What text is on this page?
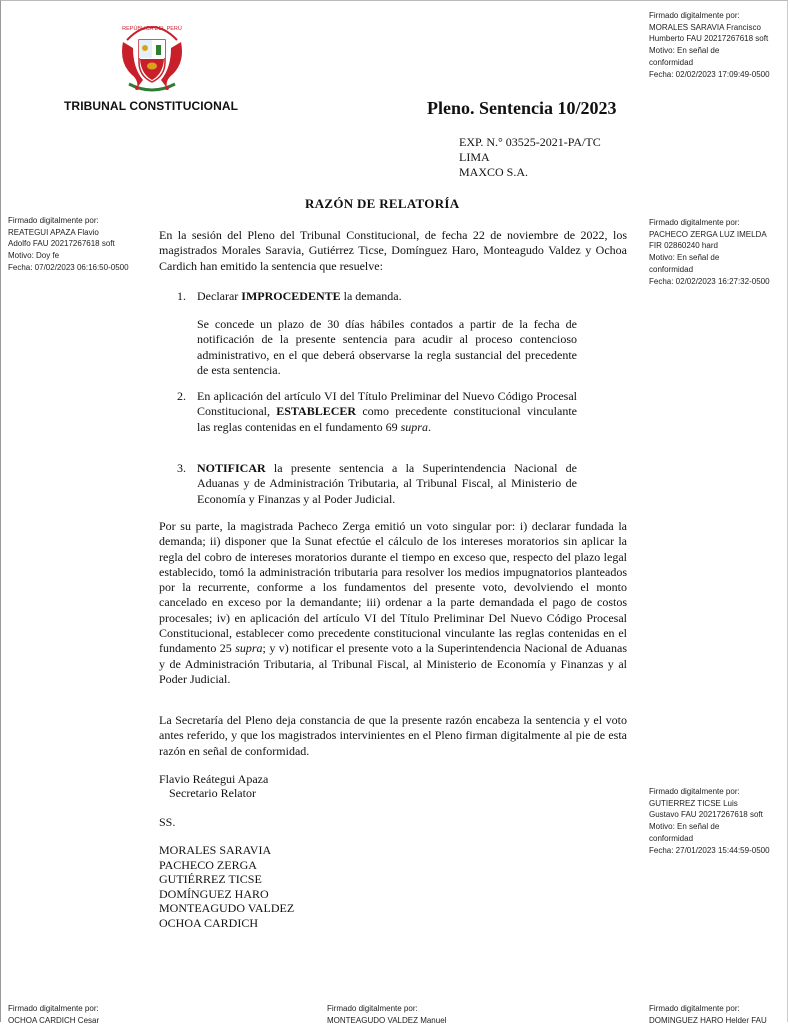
REPÚBLICA DEL PERÚ
TRIBUNAL CONSTITUCIONAL	Pleno. Sentencia 10/2023
EXP. N.° 03525-2021-PA/TC
LIMA
MAXCO S.A.
RAZÓN DE RELATORÍA
En la sesión del Pleno del Tribunal Constitucional, de fecha 22 de noviembre de 2022, los magistrados Morales Saravia, Gutiérrez Ticse, Domínguez Haro, Monteagudo Valdez y Ochoa Cardich han emitido la sentencia que resuelve:
1. Declarar IMPROCEDENTE la demanda.
Se concede un plazo de 30 días hábiles contados a partir de la fecha de notificación de la presente sentencia para acudir al proceso contencioso administrativo, en el que deberá observarse la regla sustancial del precedente de esta sentencia.
2. En aplicación del artículo VI del Título Preliminar del Nuevo Código Procesal Constitucional, ESTABLECER como precedente constitucional vinculante las reglas contenidas en el fundamento 69 supra.
3. NOTIFICAR la presente sentencia a la Superintendencia Nacional de Aduanas y de Administración Tributaria, al Tribunal Fiscal, al Ministerio de Economía y Finanzas y al Poder Judicial.
Por su parte, la magistrada Pacheco Zerga emitió un voto singular por: i) declarar fundada la demanda; ii) disponer que la Sunat efectúe el cálculo de los intereses moratorios sin aplicar la regla del cobro de intereses moratorios durante el tiempo en exceso que, respecto del plazo legal establecido, tomó la administración tributaria para resolver los medios impugnatorios planteados por la recurrente, conforme a los fundamentos del presente voto, devolviendo el monto cancelado en exceso por la demandante; iii) ordenar a la parte demandada el pago de costos procesales; iv) en aplicación del artículo VI del Título Preliminar Del Nuevo Código Procesal Constitucional, establecer como precedente constitucional vinculante las reglas contenidas en el fundamento 25 supra; y v) notificar el presente voto a la Superintendencia Nacional de Aduanas y de Administración Tributaria, al Tribunal Fiscal, al Ministerio de Economía y Finanzas y al Poder Judicial.
La Secretaría del Pleno deja constancia de que la presente razón encabeza la sentencia y el voto antes referido, y que los magistrados intervinientes en el Pleno firman digitalmente al pie de esta razón en señal de conformidad.
Flavio Reátegui Apaza
Secretario Relator
SS.
MORALES SARAVIA
PACHECO ZERGA
GUTIÉRREZ TICSE
DOMÍNGUEZ HARO
MONTEAGUDO VALDEZ
OCHOA CARDICH
Firmado digitalmente por:
MORALES SARAVIA Francisco
Humberto FAU 20217267618 soft
Motivo: En señal de
conformidad
Fecha: 02/02/2023 17:09:49-0500
Firmado digitalmente por:
REATEGUI APAZA Flavio
Adolfo FAU 20217267618 soft
Motivo: Doy fe
Fecha: 07/02/2023 06:16:50-0500
Firmado digitalmente por:
PACHECO ZERGA LUZ IMELDA
FIR 02860240 hard
Motivo: En señal de
conformidad
Fecha: 02/02/2023 16:27:32-0500
Firmado digitalmente por:
GUTIERREZ TICSE Luis
Gustavo FAU 20217267618 soft
Motivo: En señal de
conformidad
Fecha: 27/01/2023 15:44:59-0500
Firmado digitalmente por:
OCHOA CARDICH Cesar
Firmado digitalmente por:
MONTEAGUDO VALDEZ Manuel
Firmado digitalmente por:
DOMINGUEZ HARO Helder FAU
